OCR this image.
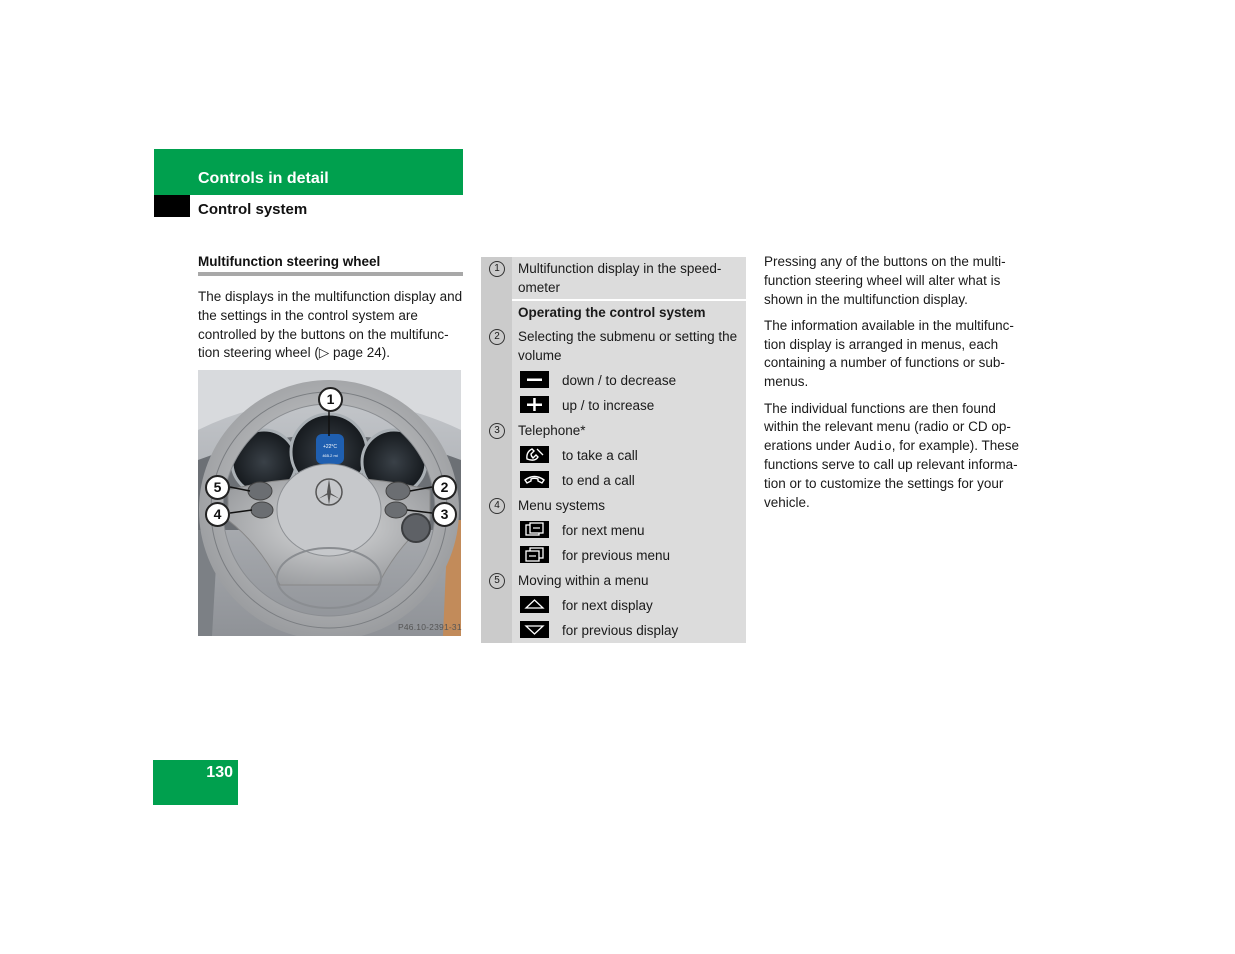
Controls in detail
Control system
Multifunction steering wheel
The displays in the multifunction display and the settings in the control system are controlled by the buttons on the multifunc-tion steering wheel (▷ page 24).
+22°C
465.2 mi
1
2
3
4
5
P46.10-2391-31
1	Multifunction display in the speed-ometer
Operating the control system
2	Selecting the submenu or setting the volume
down / to decrease
up / to increase
3	Telephone*
to take a call
to end a call
4	Menu systems
for next menu
for previous menu
5	Moving within a menu
for next display
for previous display

Pressing any of the buttons on the multi-function steering wheel will alter what is shown in the multifunction display.

The information available in the multifunc-tion display is arranged in menus, each containing a number of functions or sub-menus.

The individual functions are then found within the relevant menu (radio or CD op-erations under Audio, for example). These functions serve to call up relevant informa-tion or to customize the settings for your vehicle.

130
